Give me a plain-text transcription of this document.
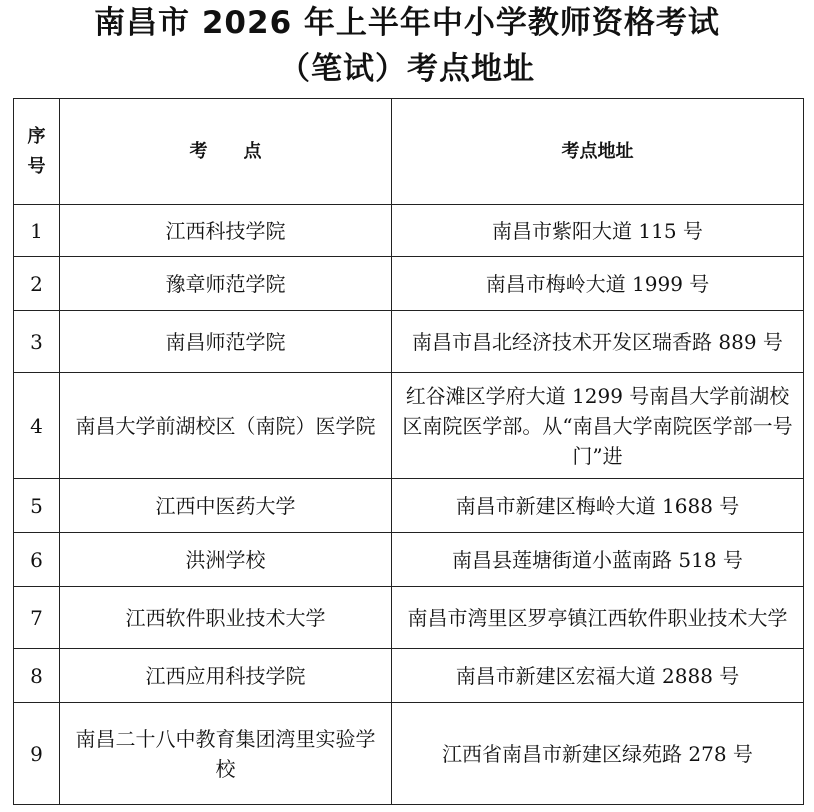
南昌市 2026 年上半年中小学教师资格考试
（笔试）考点地址
序
号	考　　点	考点地址
1	江西科技学院	南昌市紫阳大道 115 号
2	豫章师范学院	南昌市梅岭大道 1999 号
3	南昌师范学院	南昌市昌北经济技术开发区瑞香路 889 号
4	南昌大学前湖校区（南院）医学院	红谷滩区学府大道 1299 号南昌大学前湖校区南院医学部。从“南昌大学南院医学部一号门”进
5	江西中医药大学	南昌市新建区梅岭大道 1688 号
6	洪洲学校	南昌县莲塘街道小蓝南路 518 号
7	江西软件职业技术大学	南昌市湾里区罗亭镇江西软件职业技术大学
8	江西应用科技学院	南昌市新建区宏福大道 2888 号
9	南昌二十八中教育集团湾里实验学校	江西省南昌市新建区绿苑路 278 号
